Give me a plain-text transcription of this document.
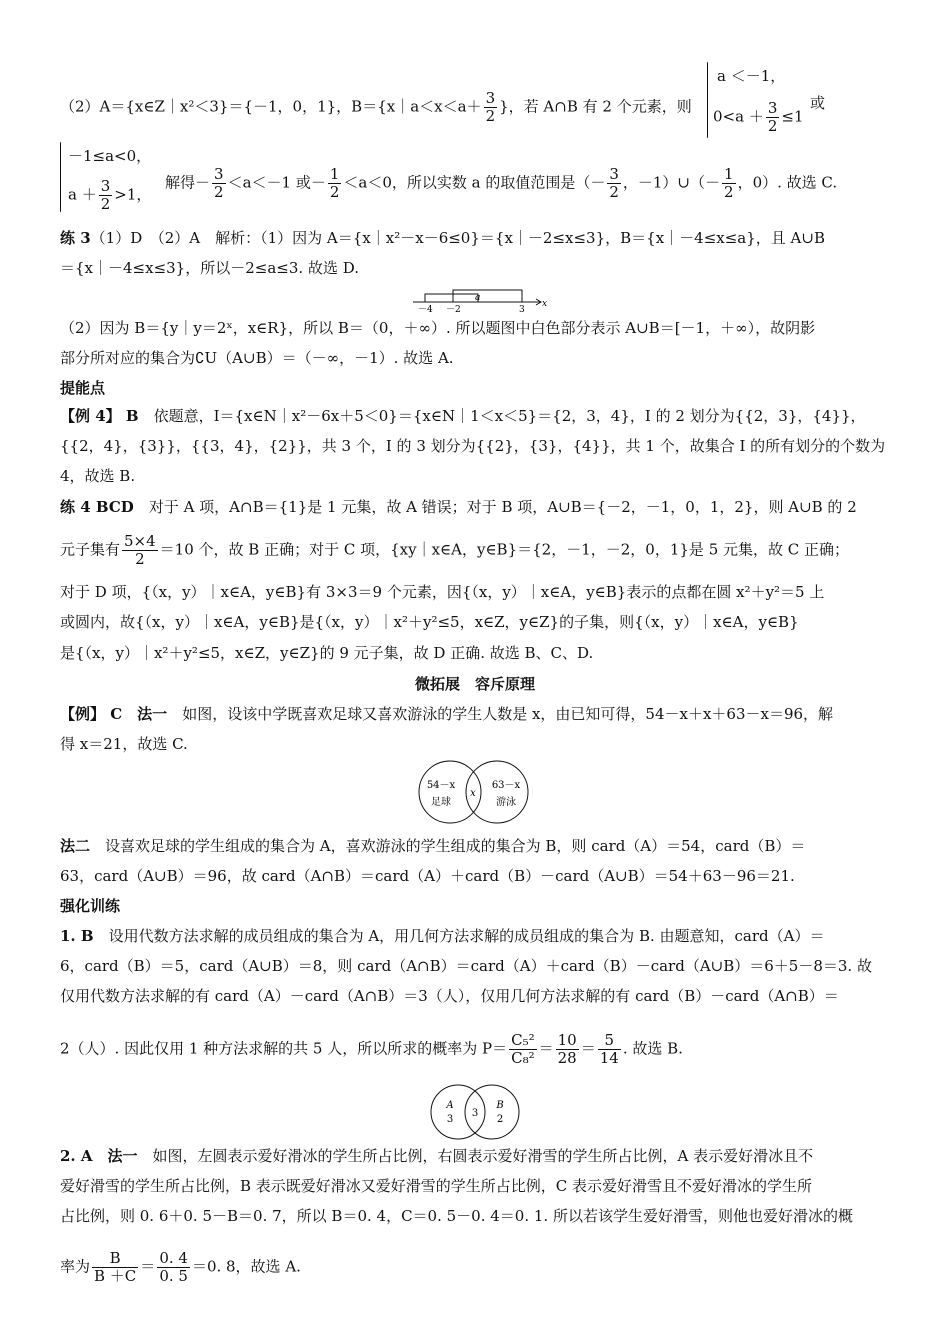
（2）A＝{x∈Z｜x²＜3}＝{－1，0，1}，B＝{x｜a＜x＜a＋ $\frac{3}{2}$ }，若 A∩B 有 2 个元素，则
a ＜－1，
$0<a + \frac{3}{2} \le 1$
或
－1≤a<0，
$a + \frac{3}{2} >1$，
解得－ $\frac{3}{2} <a<-1$ 或－ $\frac{1}{2} <a<0$，所以实数 a 的取值范围是（－ $\frac{3}{2}$ ，－1）∪（－ $\frac{1}{2}$ ，0）. 故选 C.
练 3（1）D　（2）A　解析：（1）因为 A＝{x｜x²－x－6≤0}＝{x｜－2≤x≤3}，B＝{x｜－4≤x≤a}，且 A∪B
＝{x｜－4≤x≤3}，所以－2≤a≤3. 故选 D.
－4 －2
a
3
x
（2）因为 B＝{y｜y＝2ˣ，x∈R}，所以 B＝（0，＋∞）. 所以题图中白色部分表示 A∪B＝[－1，＋∞），故阴影
部分所对应的集合为∁U（A∪B）＝（－∞，－1）. 故选 A.
提能点
【例 4】 B　 依题意，I＝{x∈N｜x²－6x＋5＜0}＝{x∈N｜1＜x＜5}＝{2，3，4}，I 的 2 划分为{{2，3}，{4}}，
{{2，4}，{3}}，{{3，4}，{2}}，共 3 个，I 的 3 划分为{{2}，{3}，{4}}，共 1 个，故集合 I 的所有划分的个数为
4，故选 B.
练 4 BCD　 对于 A 项，A∩B＝{1}是 1 元集，故 A 错误；对于 B 项，A∪B＝{－2，－1，0，1，2}，则 A∪B 的 2
元子集有 $\frac{5\times 4}{2} =10$ 个，故 B 正确；对于 C 项，{xy｜x∈A，y∈B}＝{2，－1，－2，0，1}是 5 元集，故 C 正确；
对于 D 项，{（x，y）｜x∈A，y∈B}有 3×3＝9 个元素，因{（x，y）｜x∈A，y∈B}表示的点都在圆 x²＋y²＝5 上
或圆内，故{（x，y）｜x∈A，y∈B}是{（x，y）｜x²＋y²≤5，x∈Z，y∈Z}的子集，则{（x，y）｜x∈A，y∈B}
是{（x，y）｜x²＋y²≤5，x∈Z，y∈Z}的 9 元子集，故 D 正确. 故选 B、C、D.
微拓展　容斥原理
【例】 C　法一　 如图，设该中学既喜欢足球又喜欢游泳的学生人数是 x，由已知可得，54－x＋x＋63－x＝96，解
得 x＝21，故选 C.
54－x
足球
x
63－x
游泳
法二　 设喜欢足球的学生组成的集合为 A，喜欢游泳的学生组成的集合为 B，则 card（A）＝54，card（B）＝
63，card（A∪B）＝96，故 card（A∩B）＝card（A）＋card（B）－card（A∪B）＝54＋63－96＝21.
强化训练
1. B　 设用代数方法求解的成员组成的集合为 A，用几何方法求解的成员组成的集合为 B. 由题意知，card（A）＝
6，card（B）＝5，card（A∪B）＝8，则 card（A∩B）＝card（A）＋card（B）－card（A∪B）＝6＋5－8＝3. 故
仅用代数方法求解的有 card（A）－card（A∩B）＝3（人），仅用几何方法求解的有 card（B）－card（A∩B）＝
2（人）. 因此仅用 1 种方法求解的共 5 人，所以所求的概率为 $P= \frac{\text{C₅²}}{\text{C₈²}} = \frac{10}{28} = \frac{5}{14}$ . 故选 B.
A
3
3
B
2
2. A　法一　 如图，左圆表示爱好滑冰的学生所占比例，右圆表示爱好滑雪的学生所占比例，A 表示爱好滑冰且不
爱好滑雪的学生所占比例，B 表示既爱好滑冰又爱好滑雪的学生所占比例，C 表示爱好滑雪且不爱好滑冰的学生所
占比例，则 0. 6＋0. 5－B＝0. 7，所以 B＝0. 4，C＝0. 5－0. 4＝0. 1. 所以若该学生爱好滑雪，则他也爱好滑冰的概
率为 $\frac{B}{B +C} = \frac{0. 4}{0. 5} =0$. 8，故选 A.
